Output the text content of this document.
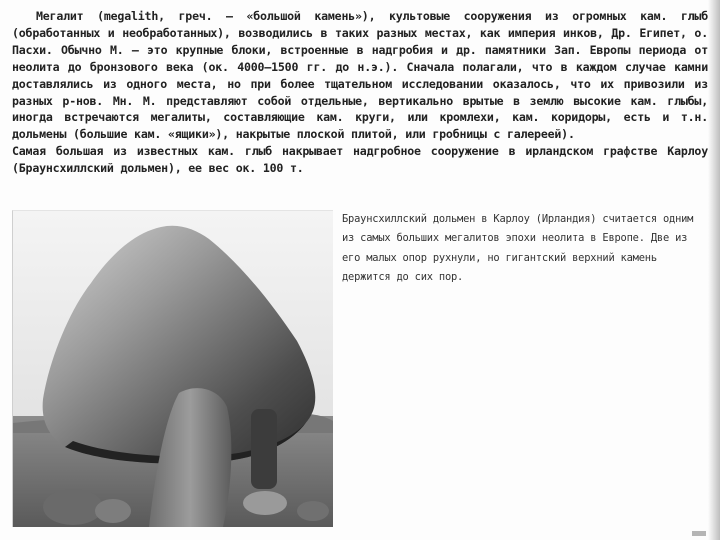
Мегалит (megalith, греч. — «большой камень»), культовые сооружения из огромных кам. глыб (обработанных и необработанных), возводились в таких разных местах, как империя инков, Др. Египет, о. Пасхи. Обычно М. — это крупные блоки, встроенные в надгробия и др. памятники Зап. Европы периода от неолита до бронзового века (ок. 4000—1500 гг. до н.э.). Сначала полагали, что в каждом случае камни доставлялись из одного места, но при более тщательном исследовании оказалось, что их привозили из разных р-нов. Мн. М. представляют собой отдельные, вертикально врытые в землю высокие кам. глыбы, иногда встречаются мегалиты, составляющие кам. круги, или кромлехи, кам. коридоры, есть и т.н. дольмены (большие кам. «ящики»), накрытые плоской плитой, или гробницы с галереей).

Самая большая из известных кам. глыб накрывает надгробное сооружение в ирландском графстве Карлоу (Браунсхиллский дольмен), ее вес ок. 100 т.

Браунсхиллский дольмен в Карлоу (Ирландия) считается одним из самых больших мегалитов эпохи неолита в Европе. Две из его малых опор рухнули, но гигантский верхний камень держится до сих пор.
